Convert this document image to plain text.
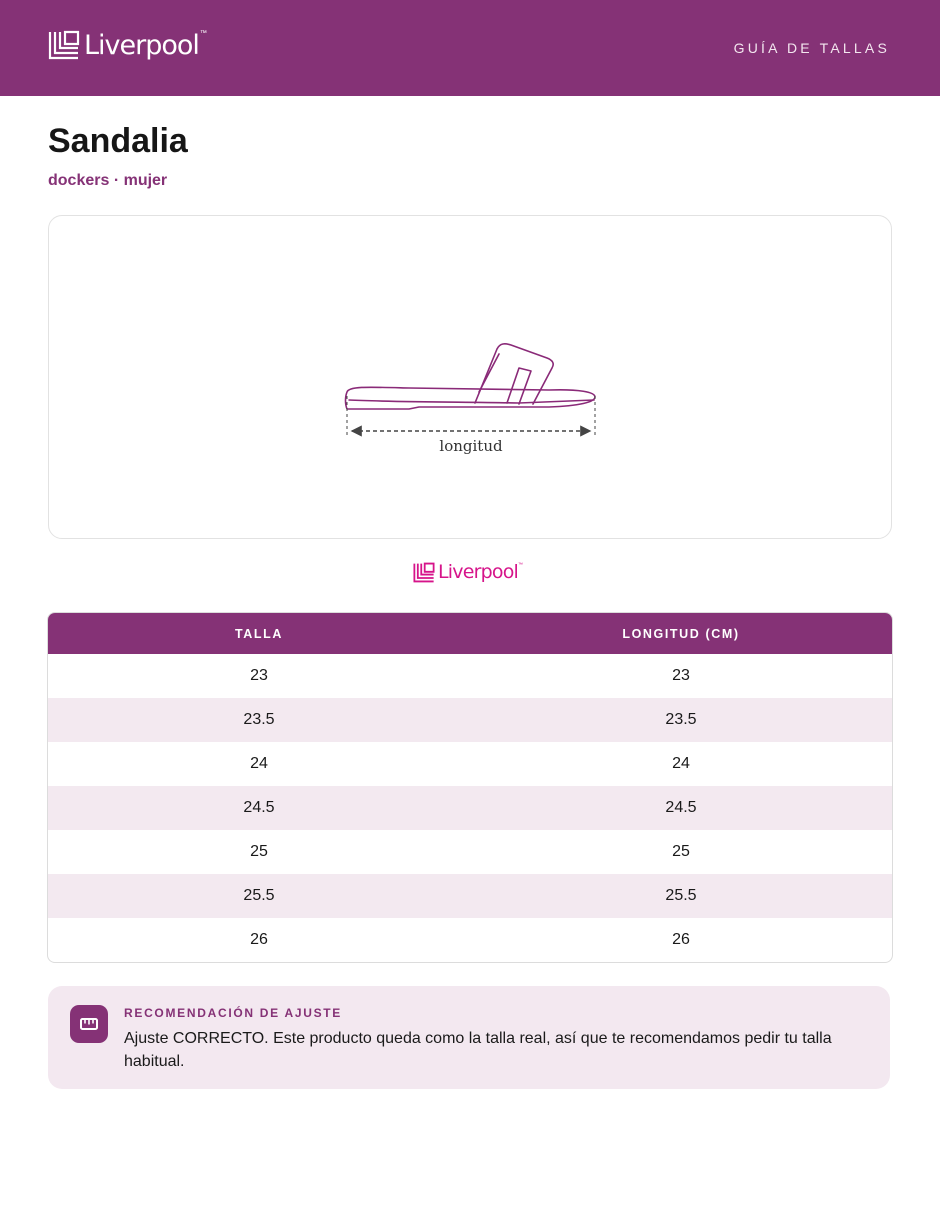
Liverpool ™
GUÍA DE TALLAS
Sandalia
dockers · mujer
longitud
Liverpool ™
TALLA	LONGITUD (CM)
23	23
23.5	23.5
24	24
24.5	24.5
25	25
25.5	25.5
26	26
RECOMENDACIÓN DE AJUSTE
Ajuste CORRECTO. Este producto queda como la talla real, así que te recomendamos pedir tu talla habitual.
